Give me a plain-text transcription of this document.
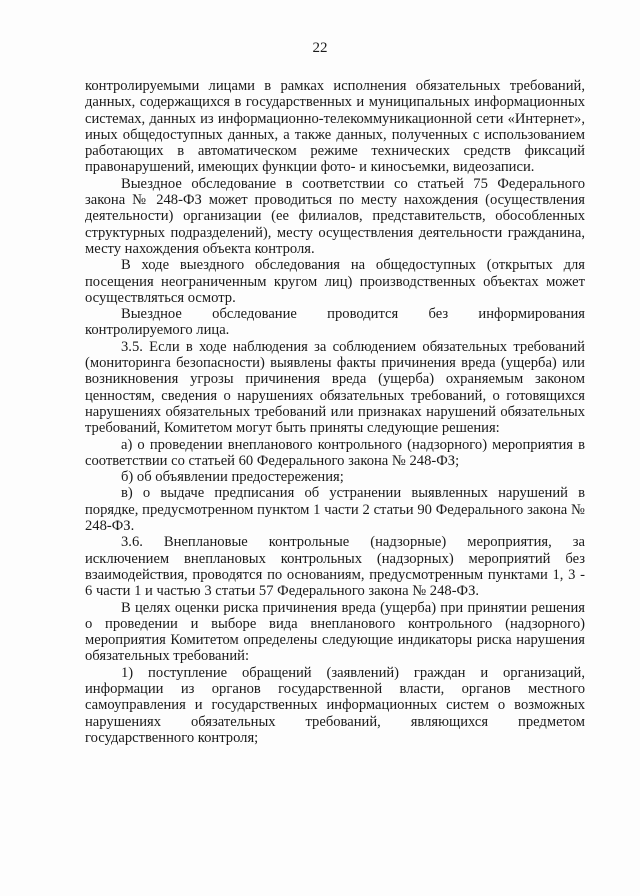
22

контролируемыми лицами в рамках исполнения обязательных требований, данных, содержащихся в государственных и муниципальных информационных системах, данных из информационно-телекоммуникационной сети «Интернет», иных общедоступных данных, а также данных, полученных с использованием работающих в автоматическом режиме технических средств фиксаций правонарушений, имеющих функции фото- и киносъемки, видеозаписи.

Выездное обследование в соответствии со статьей 75 Федерального закона № 248-ФЗ может проводиться по месту нахождения (осуществления деятельности) организации (ее филиалов, представительств, обособленных структурных подразделений), месту осуществления деятельности гражданина, месту нахождения объекта контроля.

В ходе выездного обследования на общедоступных (открытых для посещения неограниченным кругом лиц) производственных объектах может осуществляться осмотр.

Выездное обследование проводится без информирования контролируемого лица.

3.5. Если в ходе наблюдения за соблюдением обязательных требований (мониторинга безопасности) выявлены факты причинения вреда (ущерба) или возникновения угрозы причинения вреда (ущерба) охраняемым законом ценностям, сведения о нарушениях обязательных требований, о готовящихся нарушениях обязательных требований или признаках нарушений обязательных требований, Комитетом могут быть приняты следующие решения:

а) о проведении внепланового контрольного (надзорного) мероприятия в соответствии со статьей 60 Федерального закона № 248-ФЗ;

б) об объявлении предостережения;

в) о выдаче предписания об устранении выявленных нарушений в порядке, предусмотренном пунктом 1 части 2 статьи 90 Федерального закона № 248-ФЗ.

3.6. Внеплановые контрольные (надзорные) мероприятия, за исключением внеплановых контрольных (надзорных) мероприятий без взаимодействия, проводятся по основаниям, предусмотренным пунктами 1, 3 - 6 части 1 и частью 3 статьи 57 Федерального закона № 248-ФЗ.

В целях оценки риска причинения вреда (ущерба) при принятии решения о проведении и выборе вида внепланового контрольного (надзорного) мероприятия Комитетом определены следующие индикаторы риска нарушения обязательных требований:

1) поступление обращений (заявлений) граждан и организаций, информации из органов государственной власти, органов местного самоуправления и государственных информационных систем о возможных нарушениях обязательных требований, являющихся предметом государственного контроля;
